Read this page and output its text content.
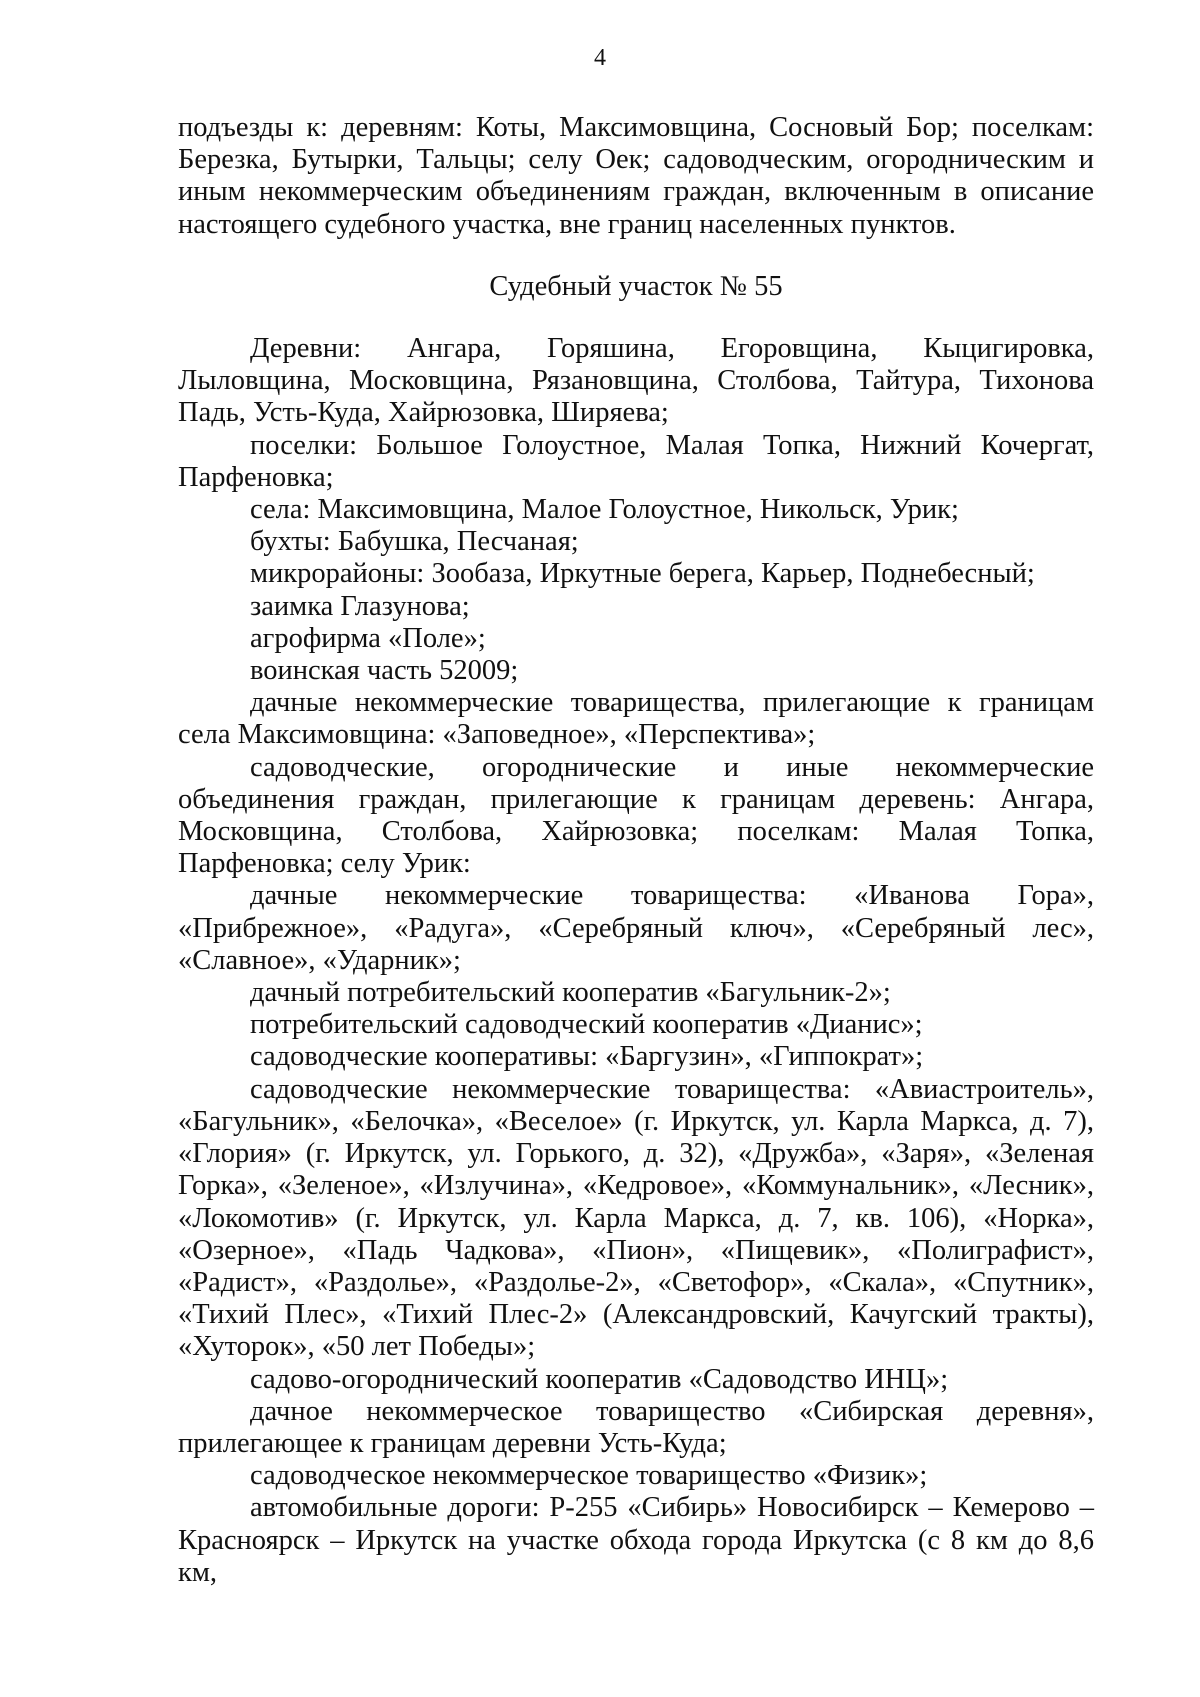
4

подъезды к: деревням: Коты, Максимовщина, Сосновый Бор; поселкам: Березка, Бутырки, Тальцы; селу Оек; садоводческим, огородническим и иным некоммерческим объединениям граждан, включенным в описание настоящего судебного участка, вне границ населенных пунктов.

Судебный участок № 55

Деревни: Ангара, Горяшина, Егоровщина, Кыцигировка, Лыловщина, Московщина, Рязановщина, Столбова, Тайтура, Тихонова Падь, Усть-Куда, Хайрюзовка, Ширяева;

поселки: Большое Голоустное, Малая Топка, Нижний Кочергат, Парфеновка;

села: Максимовщина, Малое Голоустное, Никольск, Урик;

бухты: Бабушка, Песчаная;

микрорайоны: Зообаза, Иркутные берега, Карьер, Поднебесный;

заимка Глазунова;

агрофирма «Поле»;

воинская часть 52009;

дачные некоммерческие товарищества, прилегающие к границам села Максимовщина: «Заповедное», «Перспектива»;

садоводческие, огороднические и иные некоммерческие объединения граждан, прилегающие к границам деревень: Ангара, Московщина, Столбова, Хайрюзовка; поселкам: Малая Топка, Парфеновка; селу Урик:

дачные некоммерческие товарищества: «Иванова Гора», «Прибрежное», «Радуга», «Серебряный ключ», «Серебряный лес», «Славное», «Ударник»;

дачный потребительский кооператив «Багульник-2»;

потребительский садоводческий кооператив «Дианис»;

садоводческие кооперативы: «Баргузин», «Гиппократ»;

садоводческие некоммерческие товарищества: «Авиастроитель», «Багульник», «Белочка», «Веселое» (г. Иркутск, ул. Карла Маркса, д. 7), «Глория» (г. Иркутск, ул. Горького, д. 32), «Дружба», «Заря», «Зеленая Горка», «Зеленое», «Излучина», «Кедровое», «Коммунальник», «Лесник», «Локомотив» (г. Иркутск, ул. Карла Маркса, д. 7, кв. 106), «Норка», «Озерное», «Падь Чадкова», «Пион», «Пищевик», «Полиграфист», «Радист», «Раздолье», «Раздолье-2», «Светофор», «Скала», «Спутник», «Тихий Плес», «Тихий Плес-2» (Александровский, Качугский тракты), «Хуторок», «50 лет Победы»;

садово-огороднический кооператив «Садоводство ИНЦ»;

дачное некоммерческое товарищество «Сибирская деревня», прилегающее к границам деревни Усть-Куда;

садоводческое некоммерческое товарищество «Физик»;

автомобильные дороги: Р-255 «Сибирь» Новосибирск – Кемерово – Красноярск – Иркутск на участке обхода города Иркутска (с 8 км до 8,6 км,
